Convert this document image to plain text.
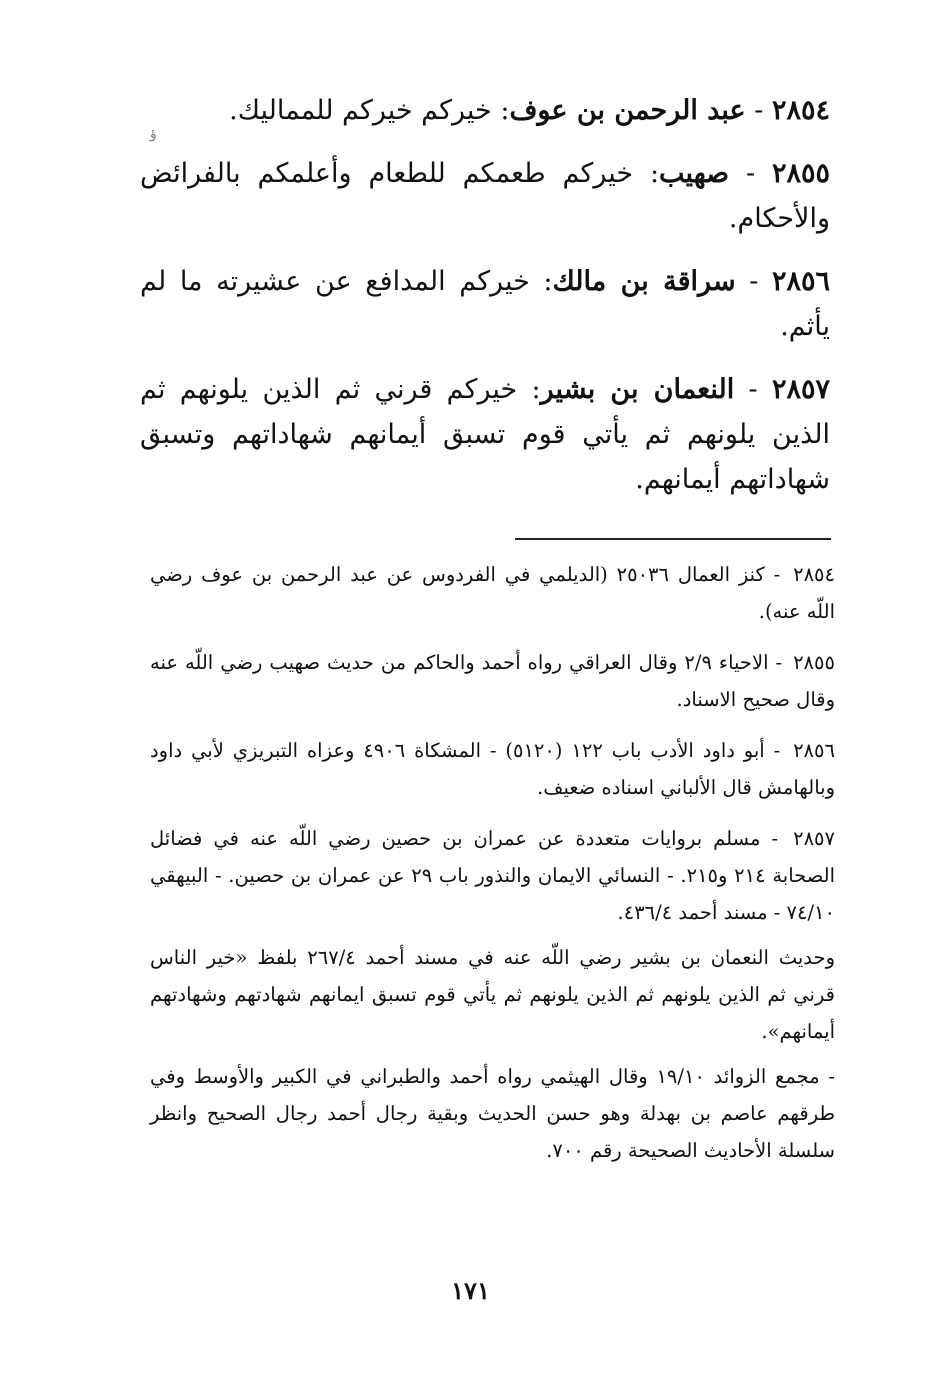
ؤ

٢٨٥٤ - عبد الرحمن بن عوف: خيركم خيركم للمماليك.

٢٨٥٥ - صهيب: خيركم طعمكم للطعام وأعلمكم بالفرائض والأحكام.

٢٨٥٦ - سراقة بن مالك: خيركم المدافع عن عشيرته ما لم يأثم.

٢٨٥٧ - النعمان بن بشير: خيركم قرني ثم الذين يلونهم ثم الذين يلونهم ثم يأتي قوم تسبق أيمانهم شهاداتهم وتسبق شهاداتهم أيمانهم.

٢٨٥٤ - كنز العمال ٢٥٠٣٦ (الديلمي في الفردوس عن عبد الرحمن بن عوف رضي اللّه عنه).

٢٨٥٥ - الاحياء ٢/٩ وقال العراقي رواه أحمد والحاكم من حديث صهيب رضي اللّه عنه وقال صحيح الاسناد.

٢٨٥٦ - أبو داود الأدب باب ١٢٢ (٥١٢٠) - المشكاة ٤٩٠٦ وعزاه التبريزي لأبي داود وبالهامش قال الألباني اسناده ضعيف.

٢٨٥٧ - مسلم بروايات متعددة عن عمران بن حصين رضي اللّه عنه في فضائل الصحابة ٢١٤ و٢١٥. - النسائي الايمان والنذور باب ٢٩ عن عمران بن حصين. - البيهقي ٧٤/١٠ - مسند أحمد ٤٣٦/٤.

وحديث النعمان بن بشير رضي اللّه عنه في مسند أحمد ٢٦٧/٤ بلفظ «خير الناس قرني ثم الذين يلونهم ثم الذين يلونهم ثم يأتي قوم تسبق ايمانهم شهادتهم وشهادتهم أيمانهم».

- مجمع الزوائد ١٩/١٠ وقال الهيثمي رواه أحمد والطبراني في الكبير والأوسط وفي طرقهم عاصم بن بهدلة وهو حسن الحديث وبقية رجال أحمد رجال الصحيح وانظر سلسلة الأحاديث الصحيحة رقم ٧٠٠.

١٧١
